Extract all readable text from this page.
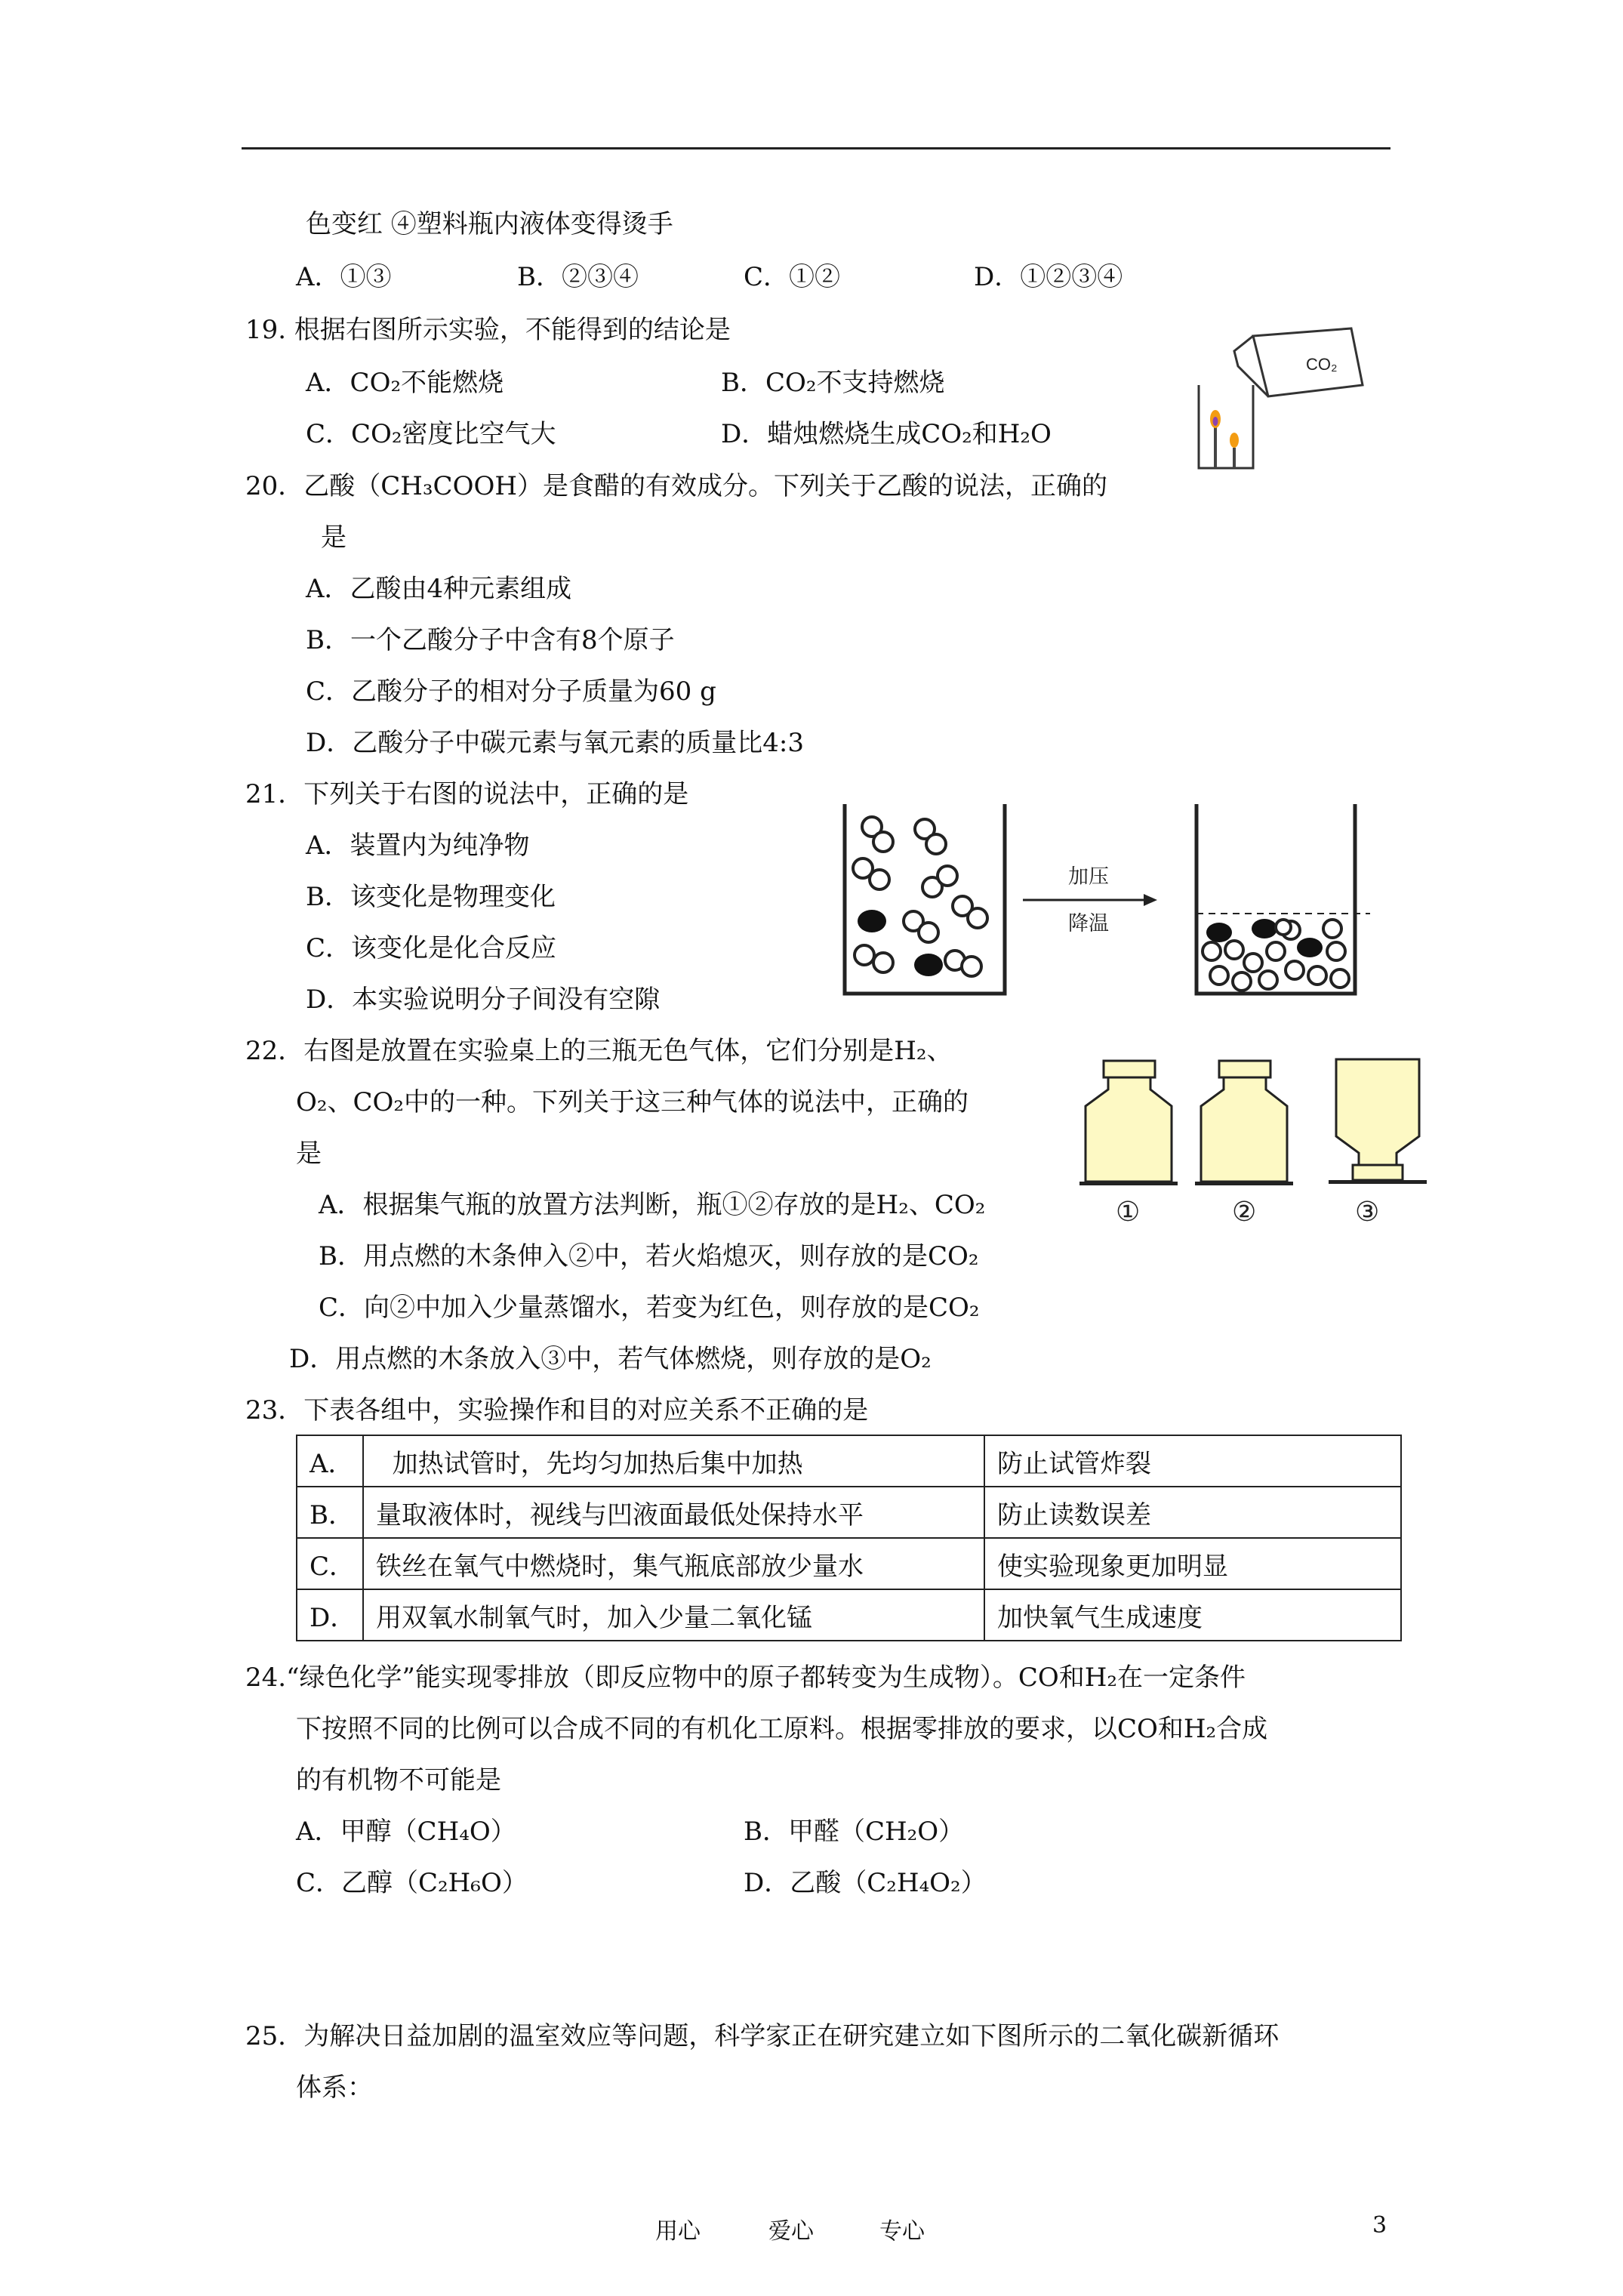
色变红 ④塑料瓶内液体变得烫手
A．①③	B．②③④	C．①②	D．①②③④
19. 根据右图所示实验，不能得到的结论是
A．CO₂不能燃烧	B．CO₂不支持燃烧
C．CO₂密度比空气大	D．蜡烛燃烧生成CO₂和H₂O
CO₂
20．乙酸（CH₃COOH）是食醋的有效成分。下列关于乙酸的说法，正确的
是
A．乙酸由4种元素组成
B．一个乙酸分子中含有8个原子
C．乙酸分子的相对分子质量为60 g
D．乙酸分子中碳元素与氧元素的质量比4:3
21．下列关于右图的说法中，正确的是
A．装置内为纯净物
B．该变化是物理变化
C．该变化是化合反应
D．本实验说明分子间没有空隙
加压
降温
22．右图是放置在实验桌上的三瓶无色气体，它们分别是H₂、
O₂、CO₂中的一种。下列关于这三种气体的说法中，正确的
是
A．根据集气瓶的放置方法判断，瓶①②存放的是H₂、CO₂
B．用点燃的木条伸入②中，若火焰熄灭，则存放的是CO₂
C．向②中加入少量蒸馏水，若变为红色，则存放的是CO₂
D．用点燃的木条放入③中，若气体燃烧，则存放的是O₂
①	②	③
23．下表各组中，实验操作和目的对应关系不正确的是
A．	加热试管时，先均匀加热后集中加热	防止试管炸裂
B．	量取液体时，视线与凹液面最低处保持水平	防止读数误差
C．	铁丝在氧气中燃烧时，集气瓶底部放少量水	使实验现象更加明显
D．	用双氧水制氧气时，加入少量二氧化锰	加快氧气生成速度
24.“绿色化学”能实现零排放（即反应物中的原子都转变为生成物）。CO和H₂在一定条件
下按照不同的比例可以合成不同的有机化工原料。根据零排放的要求，以CO和H₂合成
的有机物不可能是
A．甲醇（CH₄O）	B．甲醛（CH₂O）
C．乙醇（C₂H₆O）	D．乙酸（C₂H₄O₂）
25．为解决日益加剧的温室效应等问题，科学家正在研究建立如下图所示的二氧化碳新循环
体系：
用心	爱心	专心	3
